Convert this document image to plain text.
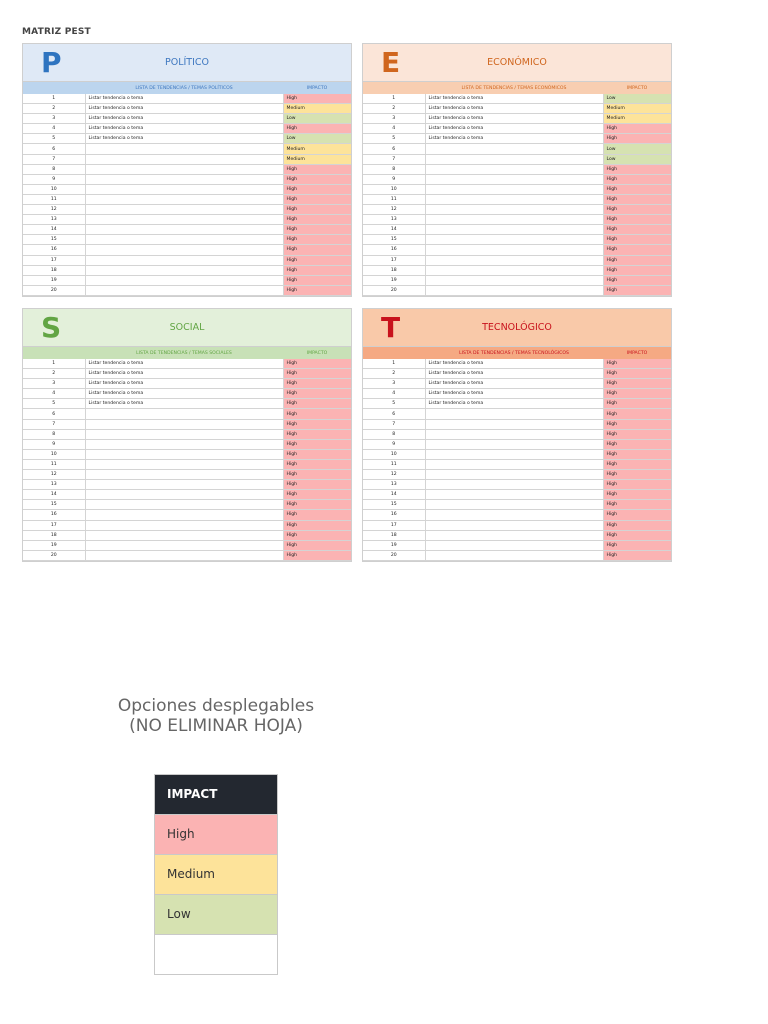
MATRIZ PEST
P	POLÍTICO
	LISTA DE TENDENCIAS / TEMAS POLÍTICOS	IMPACTO
1	Listar tendencia o tema	High
2	Listar tendencia o tema	Medium
3	Listar tendencia o tema	Low
4	Listar tendencia o tema	High
5	Listar tendencia o tema	Low
6		Medium
7		Medium
8		High
9		High
10		High
11		High
12		High
13		High
14		High
15		High
16		High
17		High
18		High
19		High
20		High
E	ECONÓMICO
	LISTA DE TENDENCIAS / TEMAS ECONÓMICOS	IMPACTO
1	Listar tendencia o tema	Low
2	Listar tendencia o tema	Medium
3	Listar tendencia o tema	Medium
4	Listar tendencia o tema	High
5	Listar tendencia o tema	High
6		Low
7		Low
8		High
9		High
10		High
11		High
12		High
13		High
14		High
15		High
16		High
17		High
18		High
19		High
20		High
S	SOCIAL
	LISTA DE TENDENCIAS / TEMAS SOCIALES	IMPACTO
1	Listar tendencia o tema	High
2	Listar tendencia o tema	High
3	Listar tendencia o tema	High
4	Listar tendencia o tema	High
5	Listar tendencia o tema	High
6		High
7		High
8		High
9		High
10		High
11		High
12		High
13		High
14		High
15		High
16		High
17		High
18		High
19		High
20		High
T	TECNOLÓGICO
	LISTA DE TENDENCIAS / TEMAS TECNOLÓGICOS	IMPACTO
1	Listar tendencia o tema	High
2	Listar tendencia o tema	High
3	Listar tendencia o tema	High
4	Listar tendencia o tema	High
5	Listar tendencia o tema	High
6		High
7		High
8		High
9		High
10		High
11		High
12		High
13		High
14		High
15		High
16		High
17		High
18		High
19		High
20		High
Opciones desplegables
(NO ELIMINAR HOJA)
IMPACT
High
Medium
Low
